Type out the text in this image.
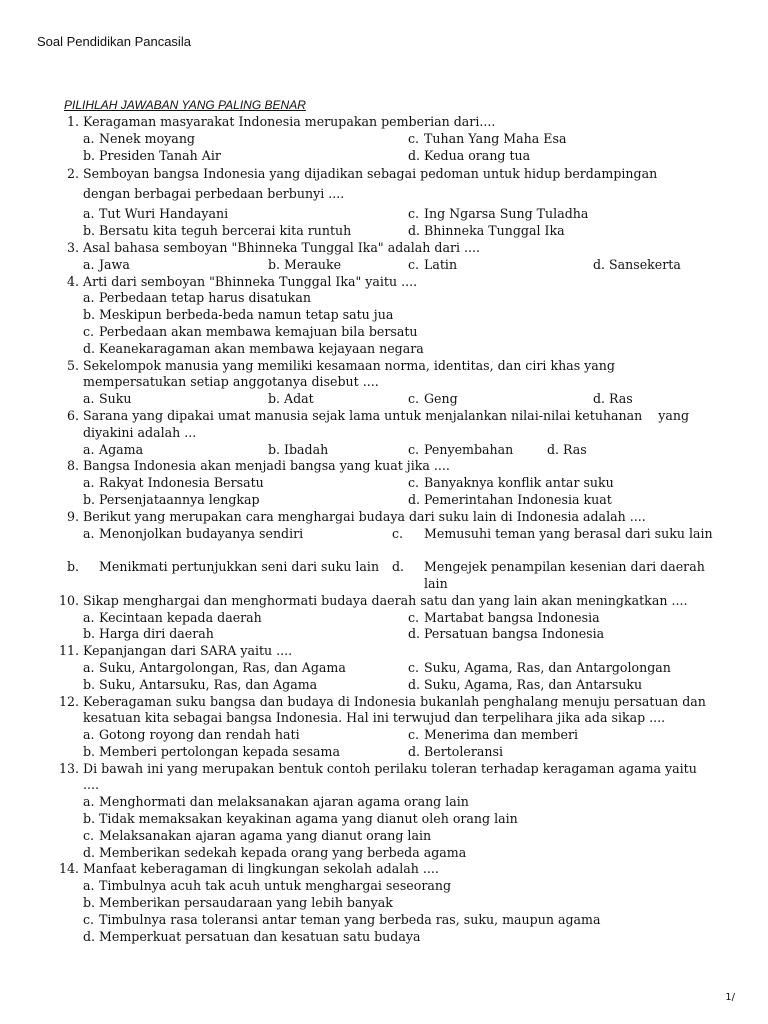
Soal Pendidikan Pancasila
PILIHLAH JAWABAN YANG PALING BENAR
1. Keragaman masyarakat Indonesia merupakan pemberian dari....
a. Nenek moyang	c. Tuhan Yang Maha Esa
b. Presiden Tanah Air	d. Kedua orang tua
2. Semboyan bangsa Indonesia yang dijadikan sebagai pedoman untuk hidup berdampingan dengan berbagai perbedaan berbunyi ....
a. Tut Wuri Handayani	c. Ing Ngarsa Sung Tuladha
b. Bersatu kita teguh bercerai kita runtuh	d. Bhinneka Tunggal Ika
3. Asal bahasa semboyan "Bhinneka Tunggal Ika" adalah dari ....
a. Jawa	b. Merauke	c. Latin	d. Sansekerta
4. Arti dari semboyan "Bhinneka Tunggal Ika" yaitu ....
a. Perbedaan tetap harus disatukan
b. Meskipun berbeda-beda namun tetap satu jua
c. Perbedaan akan membawa kemajuan bila bersatu
d. Keanekaragaman akan membawa kejayaan negara
5. Sekelompok manusia yang memiliki kesamaan norma, identitas, dan ciri khas yang mempersatukan setiap anggotanya disebut ....
a. Suku	b. Adat	c. Geng	d. Ras
6. Sarana yang dipakai umat manusia sejak lama untuk menjalankan nilai-nilai ketuhanan    yang diyakini adalah ...
a. Agama	b. Ibadah	c. Penyembahan	d. Ras
8. Bangsa Indonesia akan menjadi bangsa yang kuat jika ....
a. Rakyat Indonesia Bersatu	c. Banyaknya konflik antar suku
b. Persenjataannya lengkap	d. Pemerintahan Indonesia kuat
9. Berikut yang merupakan cara menghargai budaya dari suku lain di Indonesia adalah ....
a. Menonjolkan budayanya sendiri	c. Memusuhi teman yang berasal dari suku lain
b. Menikmati pertunjukkan seni dari suku lain	d. Mengejek penampilan kesenian dari daerah lain
10. Sikap menghargai dan menghormati budaya daerah satu dan yang lain akan meningkatkan ....
a. Kecintaan kepada daerah	c. Martabat bangsa Indonesia
b. Harga diri daerah	d. Persatuan bangsa Indonesia
11. Kepanjangan dari SARA yaitu ....
a. Suku, Antargolongan, Ras, dan Agama	c. Suku, Agama, Ras, dan Antargolongan
b. Suku, Antarsuku, Ras, dan Agama	d. Suku, Agama, Ras, dan Antarsuku
12. Keberagaman suku bangsa dan budaya di Indonesia bukanlah penghalang menuju persatuan dan kesatuan kita sebagai bangsa Indonesia. Hal ini terwujud dan terpelihara jika ada sikap ....
a. Gotong royong dan rendah hati	c. Menerima dan memberi
b. Memberi pertolongan kepada sesama	d. Bertoleransi
13. Di bawah ini yang merupakan bentuk contoh perilaku toleran terhadap keragaman agama yaitu ....
a. Menghormati dan melaksanakan ajaran agama orang lain
b. Tidak memaksakan keyakinan agama yang dianut oleh orang lain
c. Melaksanakan ajaran agama yang dianut orang lain
d. Memberikan sedekah kepada orang yang berbeda agama
14. Manfaat keberagaman di lingkungan sekolah adalah ....
a. Timbulnya acuh tak acuh untuk menghargai seseorang
b. Memberikan persaudaraan yang lebih banyak
c. Timbulnya rasa toleransi antar teman yang berbeda ras, suku, maupun agama
d. Memperkuat persatuan dan kesatuan satu budaya
1/
